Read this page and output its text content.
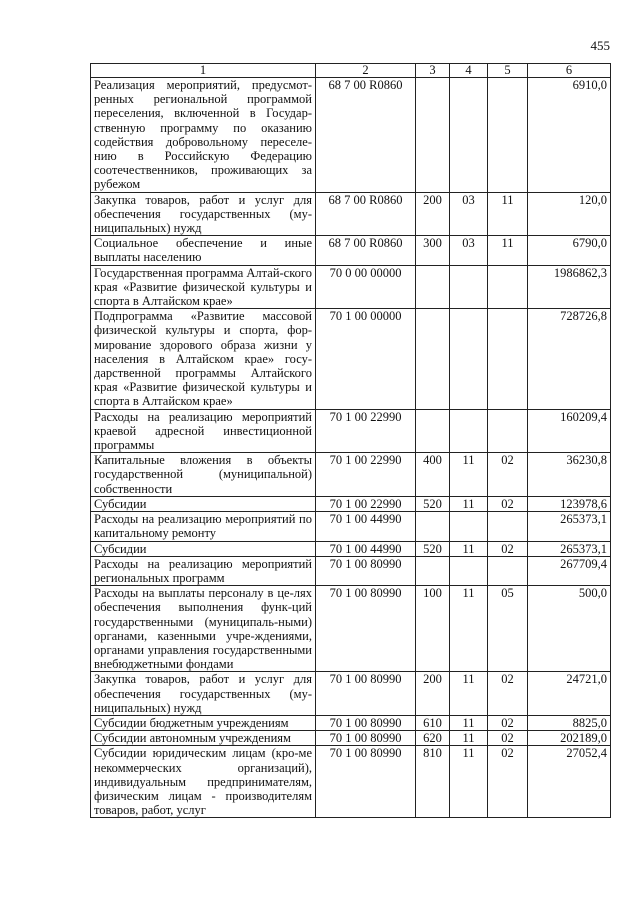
455
1	2	3	4	5	6
Реализация мероприятий, предусмот-ренных региональной программой переселения, включенной в Государ-ственную программу по оказанию содействия добровольному переселе-нию в Российскую Федерацию соотечественников, проживающих за рубежом	68 7 00 R0860				6910,0
Закупка товаров, работ и услуг для обеспечения государственных (му-ниципальных) нужд	68 7 00 R0860	200	03	11	120,0
Социальное обеспечение и иные выплаты населению	68 7 00 R0860	300	03	11	6790,0
Государственная программа Алтай-ского края «Развитие физической культуры и спорта в Алтайском крае»	70 0 00 00000				1986862,3
Подпрограмма «Развитие массовой физической культуры и спорта, фор-мирование здорового образа жизни у населения в Алтайском крае» госу-дарственной программы Алтайского края «Развитие физической культуры и спорта в Алтайском крае»	70 1 00 00000				728726,8
Расходы на реализацию мероприятий краевой адресной инвестиционной программы	70 1 00 22990				160209,4
Капитальные вложения в объекты государственной (муниципальной) собственности	70 1 00 22990	400	11	02	36230,8
Субсидии	70 1 00 22990	520	11	02	123978,6
Расходы на реализацию мероприятий по капитальному ремонту	70 1 00 44990				265373,1
Субсидии	70 1 00 44990	520	11	02	265373,1
Расходы на реализацию мероприятий региональных программ	70 1 00 80990				267709,4
Расходы на выплаты персоналу в це-лях обеспечения выполнения функ-ций государственными (муниципаль-ными) органами, казенными учре-ждениями, органами управления государственными внебюджетными фондами	70 1 00 80990	100	11	05	500,0
Закупка товаров, работ и услуг для обеспечения государственных (му-ниципальных) нужд	70 1 00 80990	200	11	02	24721,0
Субсидии бюджетным учреждениям	70 1 00 80990	610	11	02	8825,0
Субсидии автономным учреждениям	70 1 00 80990	620	11	02	202189,0
Субсидии юридическим лицам (кро-ме некоммерческих организаций), индивидуальным предпринимателям, физическим лицам - производителям товаров, работ, услуг	70 1 00 80990	810	11	02	27052,4
